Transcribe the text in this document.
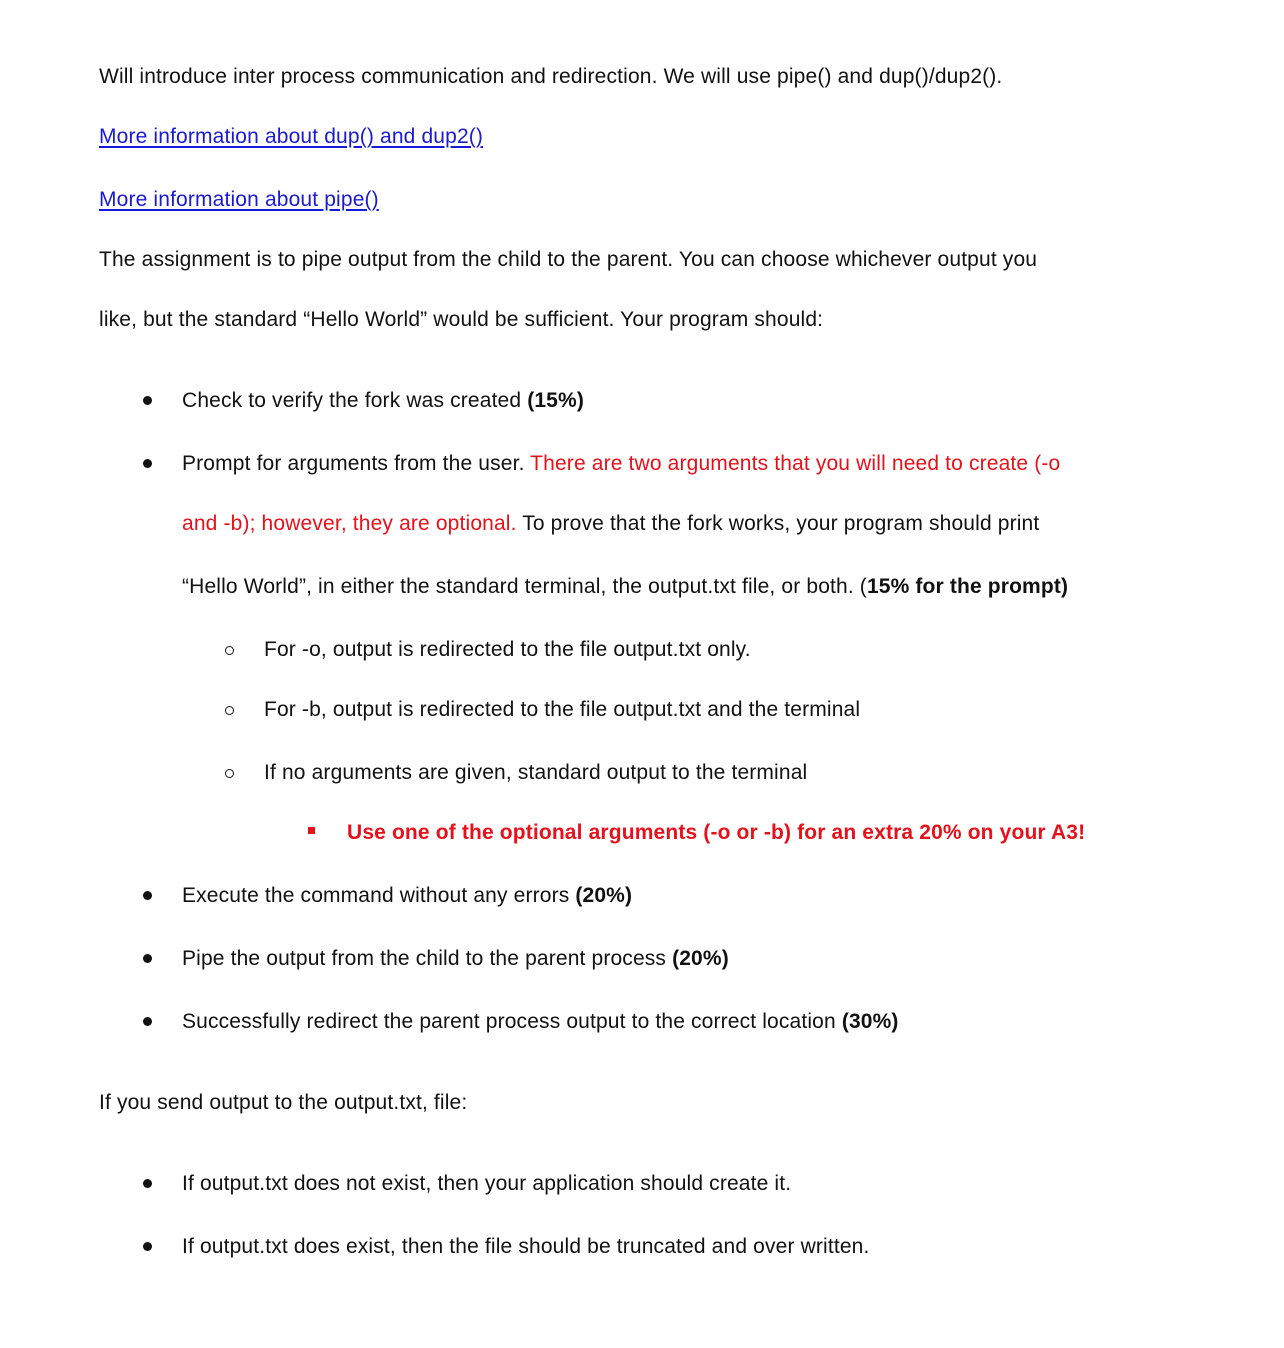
Will introduce inter process communication and redirection. We will use pipe() and dup()/dup2().
More information about dup() and dup2()
More information about pipe()
The assignment is to pipe output from the child to the parent. You can choose whichever output you
like, but the standard “Hello World” would be sufficient. Your program should:
Check to verify the fork was created (15%)
Prompt for arguments from the user. There are two arguments that you will need to create (-o
and -b); however, they are optional. To prove that the fork works, your program should print
“Hello World”, in either the standard terminal, the output.txt file, or both. (15% for the prompt)
For -o, output is redirected to the file output.txt only.
For -b, output is redirected to the file output.txt and the terminal
If no arguments are given, standard output to the terminal
Use one of the optional arguments (-o or -b) for an extra 20% on your A3!
Execute the command without any errors (20%)
Pipe the output from the child to the parent process (20%)
Successfully redirect the parent process output to the correct location (30%)
If you send output to the output.txt, file:
If output.txt does not exist, then your application should create it.
If output.txt does exist, then the file should be truncated and over written.
